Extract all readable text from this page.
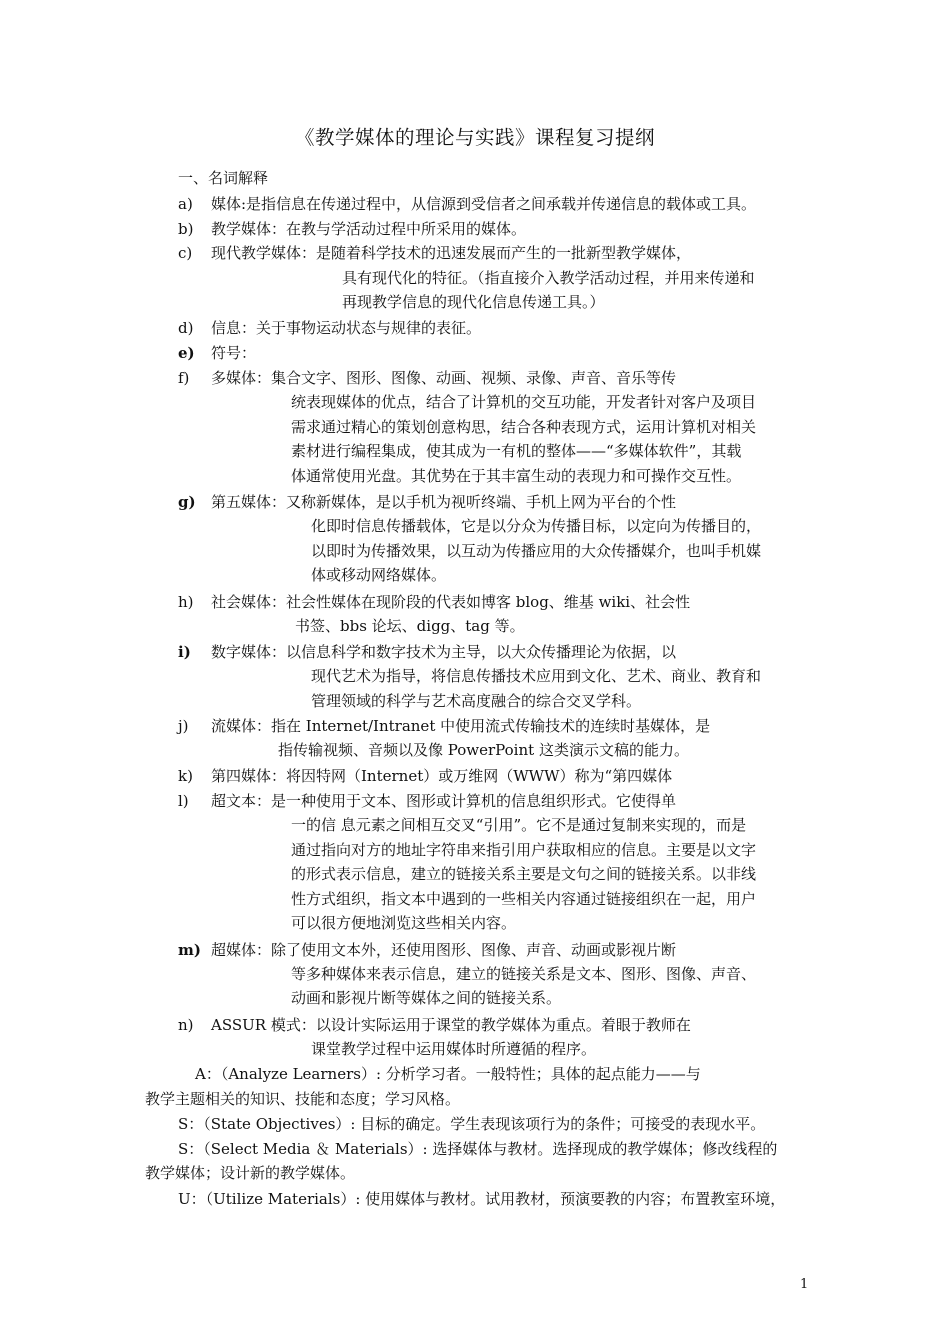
《教学媒体的理论与实践》课程复习提纲
一、名词解释
a) 媒体:是指信息在传递过程中，从信源到受信者之间承载并传递信息的载体或工具。
b) 教学媒体：在教与学活动过程中所采用的媒体。
c) 现代教学媒体：是随着科学技术的迅速发展而产生的一批新型教学媒体，
具有现代化的特征。（指直接介入教学活动过程，并用来传递和
再现教学信息的现代化信息传递工具。）
d) 信息：关于事物运动状态与规律的表征。
e) 符号：
f) 多媒体：集合文字、图形、图像、动画、视频、录像、声音、音乐等传
统表现媒体的优点，结合了计算机的交互功能，开发者针对客户及项目
需求通过精心的策划创意构思，结合各种表现方式，运用计算机对相关
素材进行编程集成，使其成为一有机的整体——“多媒体软件”，其载
体通常使用光盘。其优势在于其丰富生动的表现力和可操作交互性。
g) 第五媒体：又称新媒体，是以手机为视听终端、手机上网为平台的个性
化即时信息传播载体，它是以分众为传播目标，以定向为传播目的，
以即时为传播效果，以互动为传播应用的大众传播媒介，也叫手机媒
体或移动网络媒体。
h) 社会媒体：社会性媒体在现阶段的代表如博客 blog、维基 wiki、社会性
书签、bbs 论坛、digg、tag 等。
i) 数字媒体：以信息科学和数字技术为主导，以大众传播理论为依据，以
现代艺术为指导，将信息传播技术应用到文化、艺术、商业、教育和
管理领域的科学与艺术高度融合的综合交叉学科。
j) 流媒体：指在 Internet/Intranet 中使用流式传输技术的连续时基媒体，是
指传输视频、音频以及像 PowerPoint 这类演示文稿的能力。
k) 第四媒体：将因特网（Internet）或万维网（WWW）称为“第四媒体
l) 超文本：是一种使用于文本、图形或计算机的信息组织形式。它使得单
一的信 息元素之间相互交叉“引用”。它不是通过复制来实现的，而是
通过指向对方的地址字符串来指引用户获取相应的信息。主要是以文字
的形式表示信息，建立的链接关系主要是文句之间的链接关系。以非线
性方式组织，指文本中遇到的一些相关内容通过链接组织在一起，用户
可以很方便地浏览这些相关内容。
m) 超媒体：除了使用文本外，还使用图形、图像、声音、动画或影视片断
等多种媒体来表示信息，建立的链接关系是文本、图形、图像、声音、
动画和影视片断等媒体之间的链接关系。
n) ASSUR 模式：以设计实际运用于课堂的教学媒体为重点。着眼于教师在
课堂教学过程中运用媒体时所遵循的程序。
A：（Analyze Learners）: 分析学习者。一般特性；具体的起点能力——与
教学主题相关的知识、技能和态度；学习风格。
S：（State Objectives）: 目标的确定。学生表现该项行为的条件；可接受的表现水平。
S：（Select Media ＆ Materials）: 选择媒体与教材。选择现成的教学媒体；修改线程的
教学媒体；设计新的教学媒体。
U：（Utilize Materials）: 使用媒体与教材。试用教材，预演要教的内容；布置教室环境，
1
